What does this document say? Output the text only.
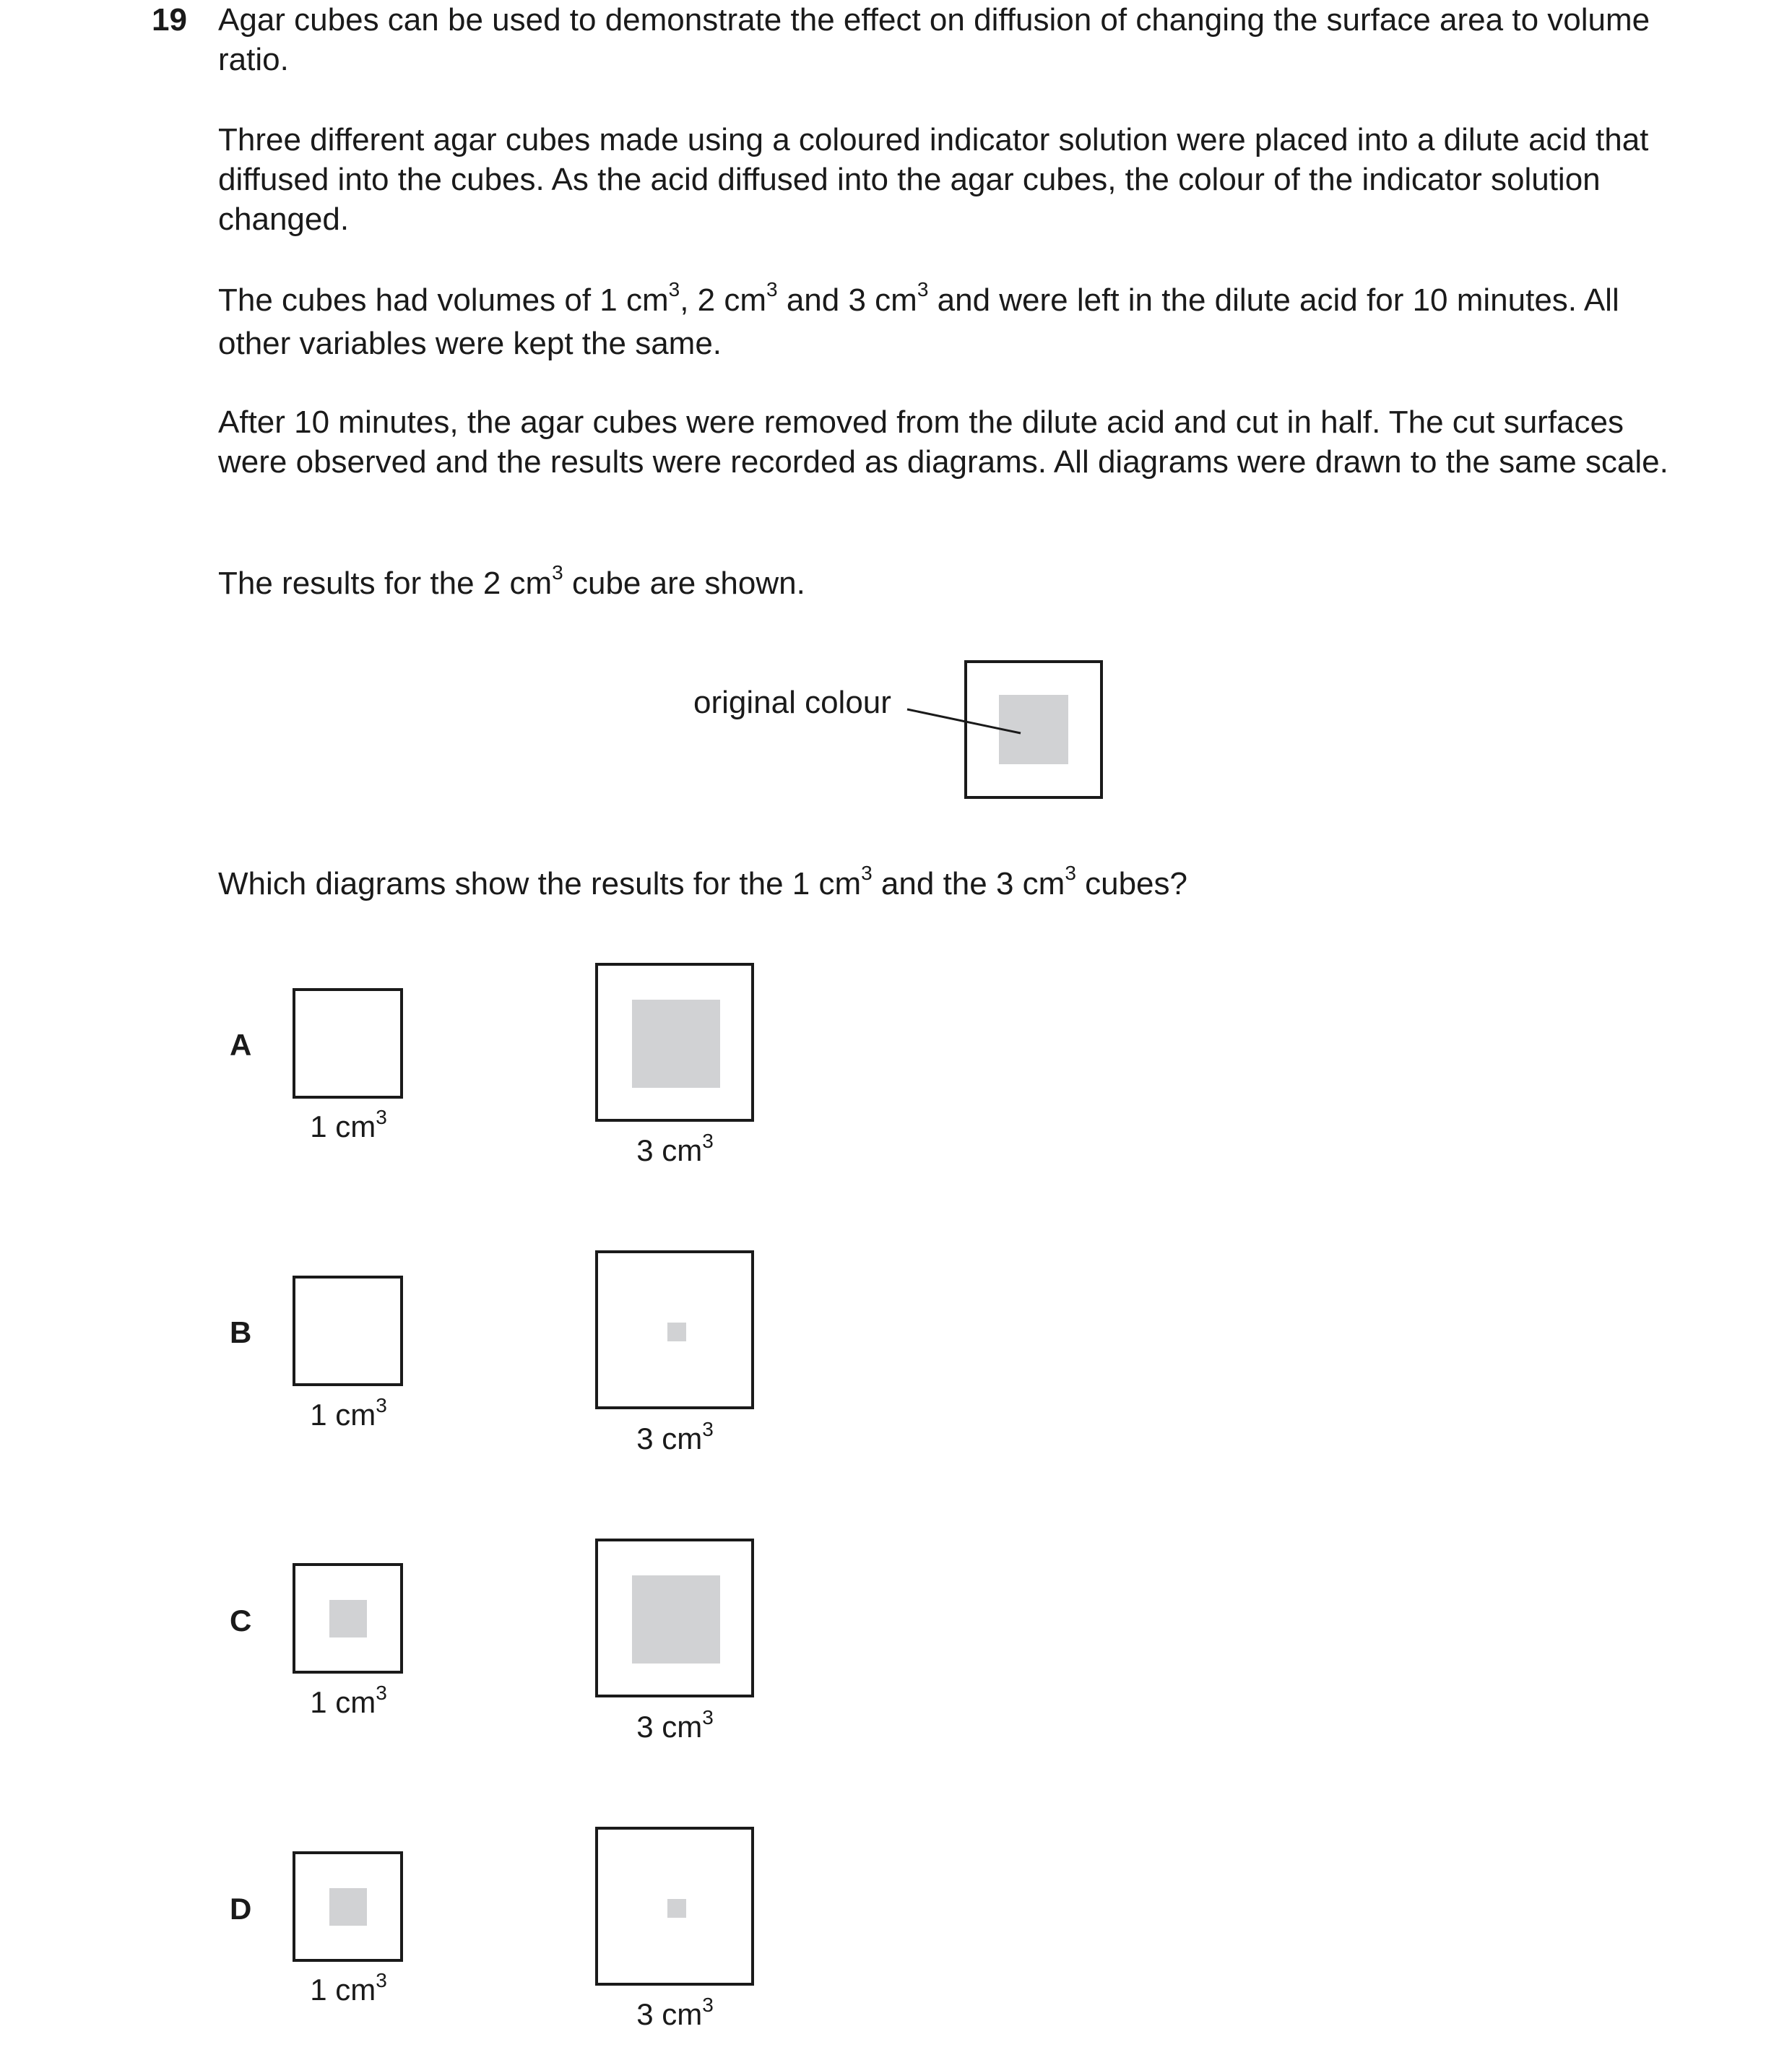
19 Agar cubes can be used to demonstrate the effect on diffusion of changing the surface area to volume ratio.

Three different agar cubes made using a coloured indicator solution were placed into a dilute acid that diffused into the cubes. As the acid diffused into the agar cubes, the colour of the indicator solution changed.

The cubes had volumes of 1 $cm^3$, 2 $cm^3$ and 3 $cm^3$ and were left in the dilute acid for 10 minutes. All other variables were kept the same.

After 10 minutes, the agar cubes were removed from the dilute acid and cut in half. The cut surfaces were observed and the results were recorded as diagrams. All diagrams were drawn to the same scale.

The results for the 2 $cm^3$ cube are shown.

original colour

Which diagrams show the results for the 1 $cm^3$ and the 3 $cm^3$ cubes?

A
1 $cm^3$
3 $cm^3$
B
1 $cm^3$
3 $cm^3$
C
1 $cm^3$
3 $cm^3$
D
1 $cm^3$
3 $cm^3$
